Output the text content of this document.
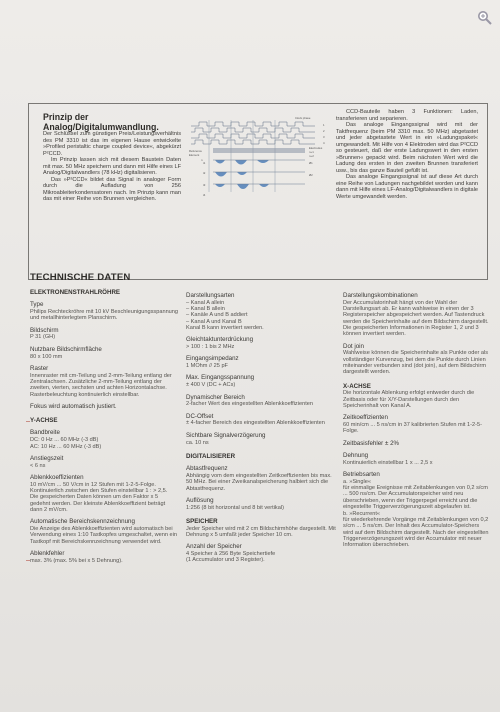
Prinzip der Analog/Digitalumwandlung.
Der Schlüssel zum günstigen Preis/Leistungsverhältnis des PM 3310 ist das im eigenen Hause entwickelte »Profiled peristaltic charge coupled device«, abgekürzt P²CCD.
Im Prinzip lassen sich mit diesem Baustein Daten mit max. 50 MHz speichern und dann mit Hilfe eines LF Analog/Digitalwandlers (78 kHz) digitalisieren.
Das »P²CCD« bildet das Signal in analoger Form durch die Aufladung von 256 Mikroableiterkondensatoren nach. Im Prinzip kann man das mit einer Reihe von Brunnen vergleichen.
Clock phase
1
2
3
4
Electrodes
n+1
n+2
Reference
Element
n
t1
t2
t3
t4
Ø1
Ø2
CCD-Bauteile haben 3 Funktionen: Laden, transferieren und separieren.
Das analoge Eingangssignal wird mit der Taktfrequenz (beim PM 3310 max. 50 MHz) abgetastet und jeder abgetastete Wert in ein »Ladungspaket« umgewandelt. Mit Hilfe von 4 Elektroden wird das P²CCD so gesteuert, daß der erste Ladungswert in den ersten »Brunnen« gepackt wird. Beim nächsten Wert wird die Ladung des ersten in den zweiten Brunnen transferiert usw., bis das ganze Bauteil gefüllt ist.
Das analoge Eingangssignal ist auf diese Art durch eine Reihe von Ladungen nachgebildet worden und kann dann mit Hilfe eines LF-Analog/Digitalwandlers in digitale Werte umgewandelt werden.
TECHNISCHE DATEN
ELEKTRONENSTRAHLRÖHRE
Type
Philips Rechteckröhre mit 10 kV Beschleunigungsspannung und metallhinterlegtem Planschirm.
Bildschirm
P 31 (GH)
Nutzbare Bildschirmfläche
80 x 100 mm
Raster
Innenraster mit cm-Teilung und 2-mm-Teilung entlang der Zentralachsen. Zusätzliche 2-mm-Teilung entlang der zweiten, vierten, sechsten und achten Horizontalachse. Rasterbeleuchtung kontinuierlich einstellbar.
Fokus wird automatisch justiert.
Y-ACHSE
Bandbreite
DC: 0 Hz ... 60 MHz (-3 dB)
AC: 10 Hz ... 60 MHz (-3 dB)
Anstiegszeit
< 6 ns
Ablenkkoeffizienten
10 mV/cm ... 50 V/cm in 12 Stufen mit 1-2-5-Folge. Kontinuierlich zwischen den Stufen einstellbar 1 : > 2,5.
Die gespeicherten Daten können um den Faktor x 5 gedehnt werden. Der kleinste Ablenkkoeffizient beträgt dann 2 mV/cm.
Automatische Bereichskennzeichnung
Die Anzeige des Ablenkkoeffizienten wird automatisch bei Verwendung eines 1:10 Tastkopfes umgeschaltet, wenn ein Tastkopf mit Bereichskennzeichnung verwendet wird.
Ablenkfehler
max. 3% (max. 5% bei x 5 Dehnung).
Darstellungsarten
– Kanal A allein
– Kanal B allein
– Kanäle A und B addiert
– Kanal A und Kanal B
Kanal B kann invertiert werden.
Gleichtaktunterdrückung
> 100 : 1 bis 2 MHz
Eingangsimpedanz
1 MOhm // 25 pF
Max. Eingangsspannung
± 400 V (DC + ACs)
Dynamischer Bereich
2-facher Wert des eingestellten Ablenkkoeffizienten
DC-Offset
± 4-facher Bereich des eingestellten Ablenkkoeffizienten
Sichtbare Signalverzögerung
ca. 10 ns
DIGITALISIERER
Abtastfrequenz
Abhängig vom dem eingestellten Zeitkoeffizienten bis max. 50 MHz. Bei einer Zweikanalspeicherung halbiert sich die Abtastfrequenz.
Auflösung
1:256 (8 bit horizontal und 8 bit vertikal)
SPEICHER
Jeder Speicher wird mit 2 cm Bildschirmhöhe dargestellt. Mit Dehnung x 5 umfaßt jeder Speicher 10 cm.
Anzahl der Speicher
4 Speicher à 256 Byte Speichertiefe
(1 Accumulator und 3 Register).
Darstellungskombinationen
Der Accumulatorinhalt hängt von der Wahl der Darstellungsart ab. Er kann wahlweise in einen der 3 Registerspeicher abgespeichert werden. Auf Tastendruck werden die Speicherinhalte auf dem Bildschirm dargestellt.
Die gespeicherten Informationen in Register 1, 2 und 3 können invertiert werden.
Dot join
Wahlweise können die Speicherinhalte als Punkte oder als vollständiger Kurvenzug, bei dem die Punkte durch Linien miteinander verbunden sind (dot join), auf dem Bildschirm dargestellt werden.
X-ACHSE
Die horizontale Ablenkung erfolgt entweder durch die Zeitbasis oder für X/Y-Darstellungen durch den Speicherinhalt von Kanal A.
Zeitkoeffizienten
60 min/cm ... 5 ns/cm in 37 kalibrierten Stufen mit 1-2-5-Folge.
Zeitbasisfehler ± 2%
Dehnung
Kontinuierlich einstellbar 1 x ... 2,5 x
Betriebsarten
a. »Single«
für einmalige Ereignisse mit Zeitablenkungen von 0,2 s/cm ... 500 ns/cm. Der Accumulatorspeicher wird neu überschrieben, wenn der Triggerpegel erreicht und die eingestellte Triggerverzögerungszeit abgelaufen ist.
b. »Recurrent«
für wiederkehrende Vorgänge mit Zeitablenkungen von 0,2 s/cm ... 5 ns/cm. Der Inhalt des Accumulator-Speichers wird auf dem Bildschirm dargestellt. Nach der eingestellten Triggerverzögerungszeit wird der Accumulator mit neuer Information überschrieben.
